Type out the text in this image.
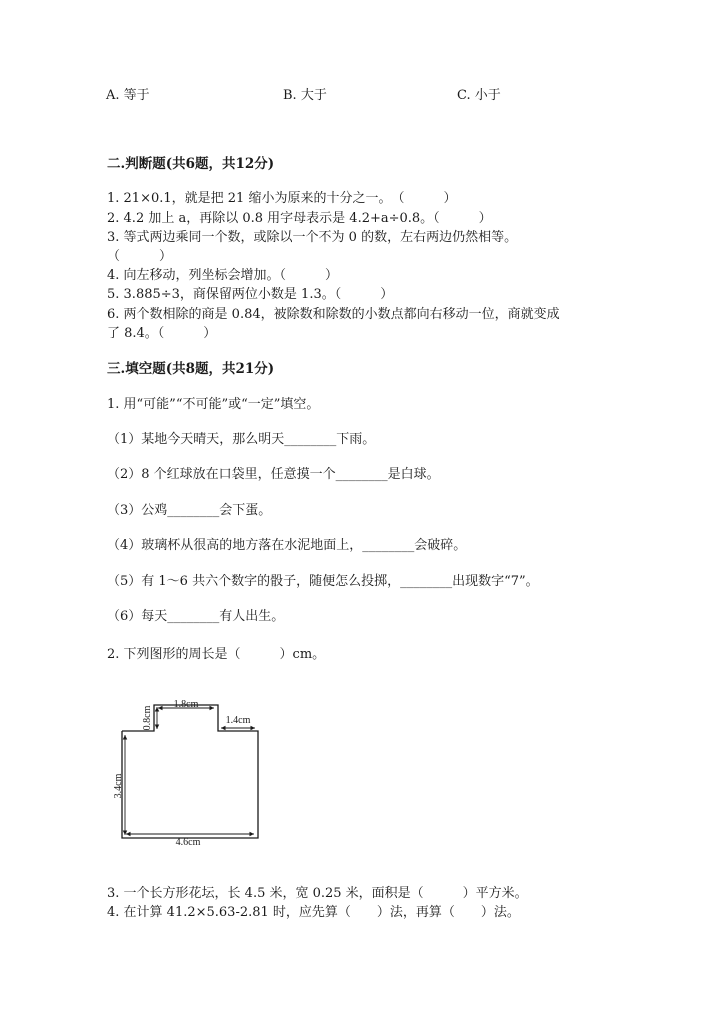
A. 等于	B. 大于	C. 小于
二.判断题(共6题，共12分)
1. 21×0.1，就是把 21 缩小为原来的十分之一。　（　　　）
2. 4.2 加上 a，再除以 0.8 用字母表示是 4.2+a÷0.8。（　　　）
3. 等式两边乘同一个数，或除以一个不为 0 的数，左右两边仍然相等。
（　　　）
4. 向左移动，列坐标会增加。（　　　）
5. 3.885÷3，商保留两位小数是 1.3。（　　　）
6. 两个数相除的商是 0.84，被除数和除数的小数点都向右移动一位，商就变成
了 8.4。（　　　）
三.填空题(共8题，共21分)
1. 用“可能”“不可能”或“一定”填空。
（1）某地今天晴天，那么明天________下雨。
（2）8 个红球放在口袋里，任意摸一个________是白球。
（3）公鸡________会下蛋。
（4）玻璃杯从很高的地方落在水泥地面上，________会破碎。
（5）有 1～6 共六个数字的骰子，随便怎么投掷，________出现数字“7”。
（6）每天________有人出生。
2. 下列图形的周长是（　　　）cm。
1.8cm
0.8cm	1.4cm
3.4cm
4.6cm
3. 一个长方形花坛，长 4.5 米，宽 0.25 米，面积是（　　　）平方米。
4. 在计算 41.2×5.63-2.81 时，应先算（　　）法，再算（　　）法。
